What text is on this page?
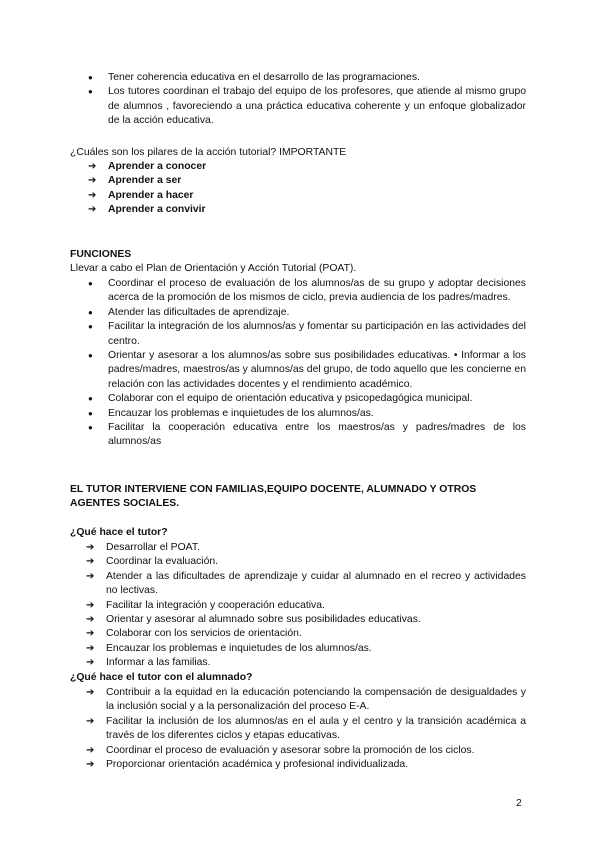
● Tener coherencia educativa en el desarrollo de las programaciones.
● Los tutores coordinan el trabajo del equipo de los profesores, que atiende al mismo grupo de alumnos , favoreciendo a una práctica educativa coherente y un enfoque globalizador de la acción educativa.
¿Cuáles son los pilares de la acción tutorial? IMPORTANTE
➔ Aprender a conocer
➔ Aprender a ser
➔ Aprender a hacer
➔ Aprender a convivir
FUNCIONES
Llevar a cabo el Plan de Orientación y Acción Tutorial (POAT).
● Coordinar el proceso de evaluación de los alumnos/as de su grupo y adoptar decisiones acerca de la promoción de los mismos de ciclo, previa audiencia de los padres/madres.
● Atender las dificultades de aprendizaje.
● Facilitar la integración de los alumnos/as y fomentar su participación en las actividades del centro.
● Orientar y asesorar a los alumnos/as sobre sus posibilidades educativas. • Informar a los padres/madres, maestros/as y alumnos/as del grupo, de todo aquello que les concierne en relación con las actividades docentes y el rendimiento académico.
● Colaborar con el equipo de orientación educativa y psicopedagógica municipal.
● Encauzar los problemas e inquietudes de los alumnos/as.
● Facilitar la cooperación educativa entre los maestros/as y padres/madres de los alumnos/as
EL TUTOR INTERVIENE CON FAMILIAS,EQUIPO DOCENTE, ALUMNADO Y OTROS AGENTES SOCIALES.
¿Qué hace el tutor?
➔ Desarrollar el POAT.
➔ Coordinar la evaluación.
➔ Atender a las dificultades de aprendizaje y cuidar al alumnado en el recreo y actividades no lectivas.
➔ Facilitar la integración y cooperación educativa.
➔ Orientar y asesorar al alumnado sobre sus posibilidades educativas.
➔ Colaborar con los servicios de orientación.
➔ Encauzar los problemas e inquietudes de los alumnos/as.
➔ Informar a las familias.
¿Qué hace el tutor con el alumnado?
➔ Contribuir a la equidad en la educación potenciando la compensación de desigualdades y la inclusión social y a la personalización del proceso E-A.
➔ Facilitar la inclusión de los alumnos/as en el aula y el centro y la transición académica a través de los diferentes ciclos y etapas educativas.
➔ Coordinar el proceso de evaluación y asesorar sobre la promoción de los ciclos.
➔ Proporcionar orientación académica y profesional individualizada.
2
